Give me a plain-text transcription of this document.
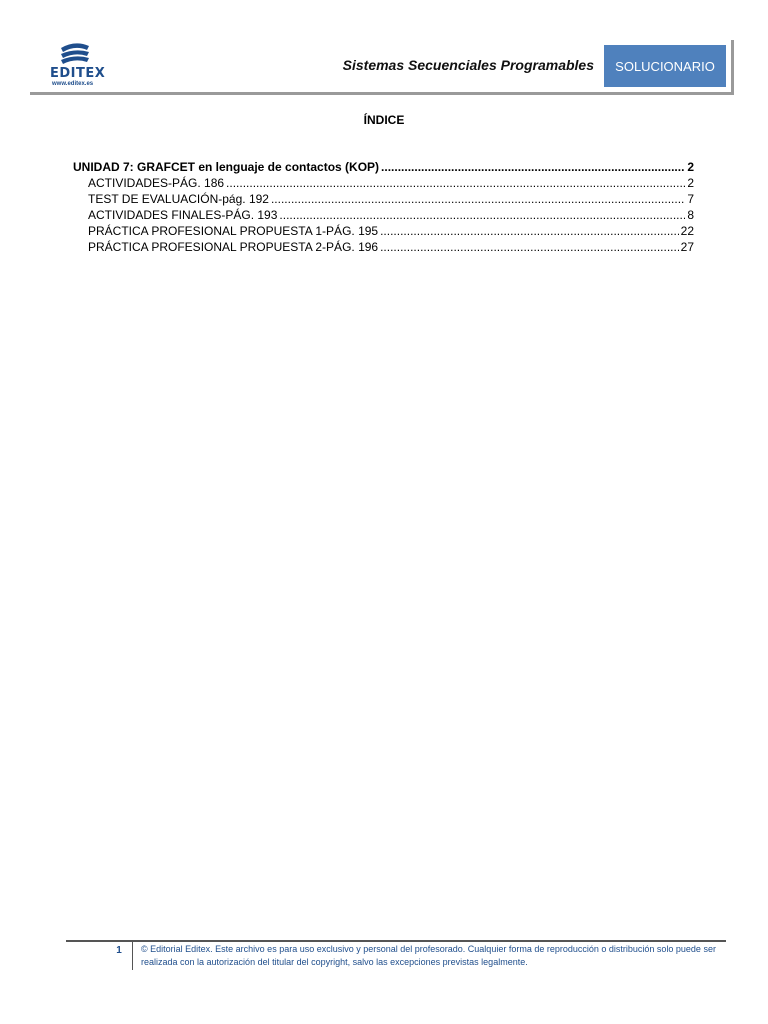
EDITEX
www.editex.es
Sistemas Secuenciales Programables	SOLUCIONARIO
ÍNDICE
UNIDAD 7: GRAFCET en lenguaje de contactos (KOP) .....	2
ACTIVIDADES-PÁG. 186 .....	2
TEST DE EVALUACIÓN-pág. 192 .....	7
ACTIVIDADES FINALES-PÁG. 193 .....	8
PRÁCTICA PROFESIONAL PROPUESTA 1-PÁG. 195 .....	22
PRÁCTICA PROFESIONAL PROPUESTA 2-PÁG. 196 .....	27
1	© Editorial Editex. Este archivo es para uso exclusivo y personal del profesorado. Cualquier forma de reproducción o distribución solo puede ser realizada con la autorización del titular del copyright, salvo las excepciones previstas legalmente.
